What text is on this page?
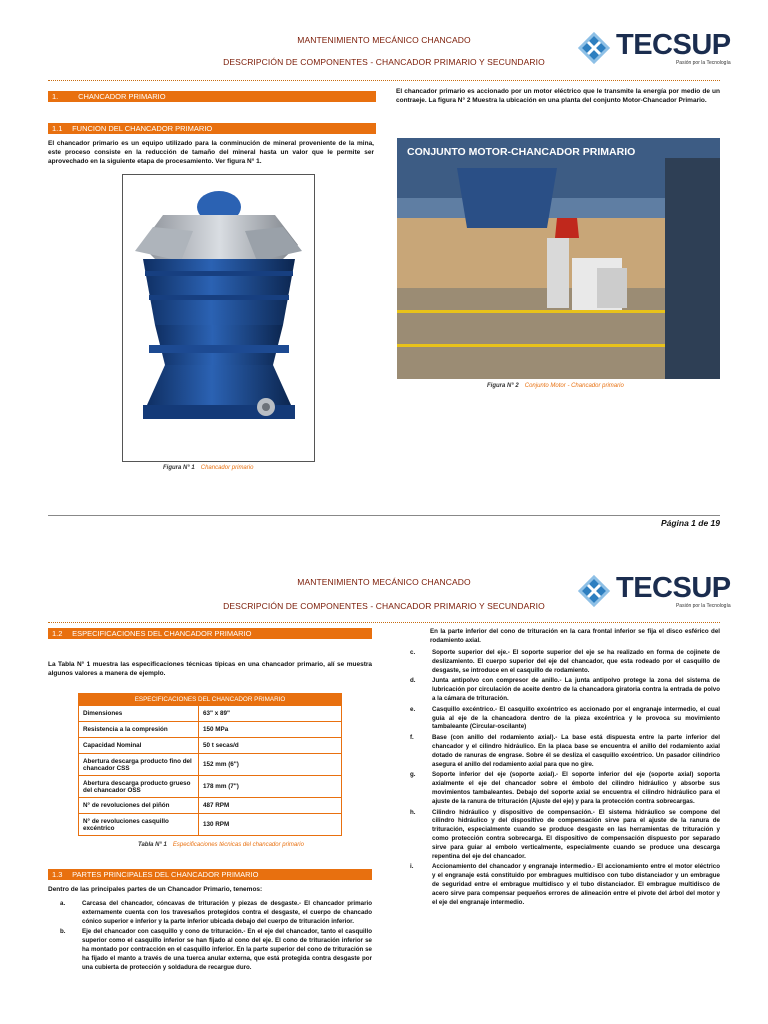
MANTENIMIENTO MECÁNICO CHANCADO
DESCRIPCIÓN DE COMPONENTES - CHANCADOR PRIMARIO Y SECUNDARIO
TECSUP
Pasión por la Tecnología
1.	CHANCADOR PRIMARIO
1.1 FUNCION DEL CHANCADOR PRIMARIO
El chancador primario es un equipo utilizado para la conminución de mineral proveniente de la mina, este proceso consiste en la reducción de tamaño del mineral hasta un valor que le permite ser aprovechado en la siguiente etapa de procesamiento. Ver figura N° 1.
El chancador primario es accionado por un motor eléctrico que le transmite la energía por medio de un contraeje. La figura N° 2 Muestra la ubicación en una planta del conjunto Motor-Chancador Primario.
Figura N° 1 Chancador primario
CONJUNTO MOTOR-CHANCADOR PRIMARIO
Figura N° 2 Conjunto Motor - Chancador primario
Página 1 de 19
MANTENIMIENTO MECÁNICO CHANCADO
DESCRIPCIÓN DE COMPONENTES - CHANCADOR PRIMARIO Y SECUNDARIO
TECSUP
Pasión por la Tecnología
1.2 ESPECIFICACIONES DEL CHANCADOR PRIMARIO
La Tabla N° 1 muestra las especificaciones técnicas típicas en una chancador primario, alí se muestra algunos valores a manera de ejemplo.
ESPECIFICACIONES DEL CHANCADOR PRIMARIO	
Dimensiones	63" x 89"
Resistencia a la compresión	150 MPa
Capacidad Nominal	50 t secas/d
Abertura descarga producto fino del chancador CSS	152 mm (6")
Abertura descarga producto grueso del chancador OSS	178 mm (7")
N° de revoluciones del piñón	487 RPM
N° de revoluciones casquillo excéntrico	130 RPM
Tabla N° 1 Especificaciones técnicas del chancador primario
1.3 PARTES PRINCIPALES DEL CHANCADOR PRIMARIO
Dentro de las principales partes de un Chancador Primario, tenemos:
a.	Carcasa del chancador, cóncavas de trituración y piezas de desgaste.- El chancador primario externamente cuenta con los travesaños protegidos contra el desgaste, el cuerpo de chancado cónico superior e inferior y la parte inferior ubicada debajo del cuerpo de trituración inferior.
b.	Eje del chancador con casquillo y cono de trituración.- En el eje del chancador, tanto el casquillo superior como el casquillo inferior se han fijado al cono del eje. El cono de trituración inferior se ha montado por contracción en el casquillo inferior. En la parte superior del cono de trituración se ha fijado el manto a través de una tuerca anular externa, que está protegida contra desgaste por una cubierta de protección y soldadura de recargue duro.
En la parte inferior del cono de trituración en la cara frontal inferior se fija el disco esférico del rodamiento axial.
c.	Soporte superior del eje.- El soporte superior del eje se ha realizado en forma de cojinete de deslizamiento. El cuerpo superior del eje del chancador, que esta rodeado por el casquillo de desgaste, se introduce en el casquillo de rodamiento.
d.	Junta antipolvo con compresor de anillo.- La junta antipolvo protege la zona del sistema de lubricación por circulación de aceite dentro de la chancadora giratoria contra la entrada de polvo a la cámara de trituración.
e.	Casquillo excéntrico.- El casquillo excéntrico es accionado por el engranaje intermedio, el cual guía al eje de la chancadora dentro de la pieza excéntrica y le provoca su movimiento tambaleante (Circular-oscilante)
f.	Base (con anillo del rodamiento axial).- La base está dispuesta entre la parte inferior del chancador y el cilindro hidráulico. En la placa base se encuentra el anillo del rodamiento axial dotado de ranuras de engrase. Sobre él se desliza el casquillo excéntrico. Un pasador cilíndrico asegura el anillo del rodamiento axial para que no gire.
g.	Soporte inferior del eje (soporte axial).- El soporte inferior del eje (soporte axial) soporta axialmente el eje del chancador sobre el émbolo del cilindro hidráulico y absorbe sus movimientos tambaleantes. Debajo del soporte axial se encuentra el cilindro hidráulico para el ajuste de la ranura de trituración (Ajuste del eje) y para la protección contra sobrecargas.
h.	Cilindro hidráulico y dispositivo de compensación.- El sistema hidráulico se compone del cilindro hidráulico y del dispositivo de compensación sirve para el ajuste de la ranura de trituración, especialmente cuando se produce desgaste en las herramientas de trituración y como protección contra sobrecarga. El dispositivo de compensación dispuesto por separado sirve para guiar al embolo verticalmente, especialmente cuando se produce una descarga repentina del eje del chancador.
i.	Accionamiento del chancador y engranaje intermedio.- El accionamiento entre el motor eléctrico y el engranaje está constituido por embragues multidisco con tubo distanciador y un embrague de seguridad entre el embrague multidisco y el tubo distanciador. El embrague multidisco de acero sirve para compensar pequeños errores de alineación entre el pivote del árbol del motor y el eje del engranaje intermedio.
